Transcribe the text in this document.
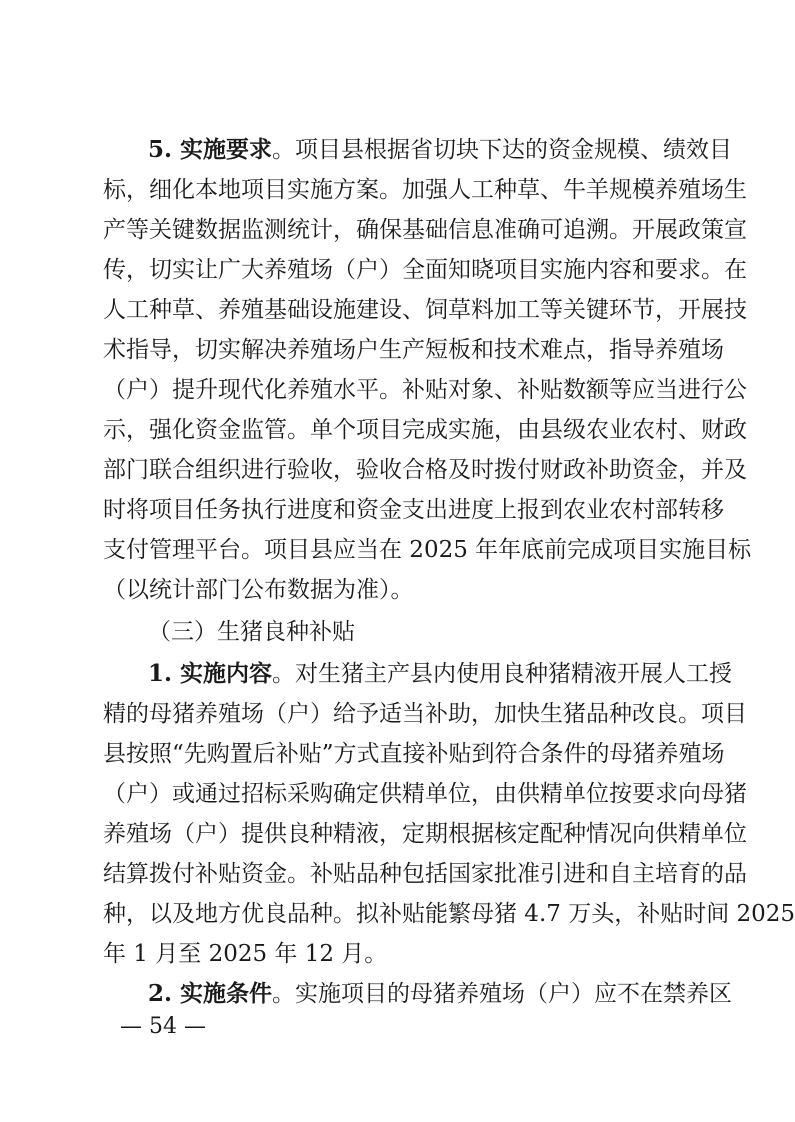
5. 实施要求。项目县根据省切块下达的资金规模、绩效目
标，细化本地项目实施方案。加强人工种草、牛羊规模养殖场生
产等关键数据监测统计，确保基础信息准确可追溯。开展政策宣
传，切实让广大养殖场（户）全面知晓项目实施内容和要求。在
人工种草、养殖基础设施建设、饲草料加工等关键环节，开展技
术指导，切实解决养殖场户生产短板和技术难点，指导养殖场
（户）提升现代化养殖水平。补贴对象、补贴数额等应当进行公
示，强化资金监管。单个项目完成实施，由县级农业农村、财政
部门联合组织进行验收，验收合格及时拨付财政补助资金，并及
时将项目任务执行进度和资金支出进度上报到农业农村部转移
支付管理平台。项目县应当在 2025 年年底前完成项目实施目标
（以统计部门公布数据为准）。
（三）生猪良种补贴
1. 实施内容。对生猪主产县内使用良种猪精液开展人工授
精的母猪养殖场（户）给予适当补助，加快生猪品种改良。项目
县按照“先购置后补贴”方式直接补贴到符合条件的母猪养殖场
（户）或通过招标采购确定供精单位，由供精单位按要求向母猪
养殖场（户）提供良种精液，定期根据核定配种情况向供精单位
结算拨付补贴资金。补贴品种包括国家批准引进和自主培育的品
种，以及地方优良品种。拟补贴能繁母猪 4.7 万头，补贴时间 2025
年 1 月至 2025 年 12 月。
2. 实施条件。实施项目的母猪养殖场（户）应不在禁养区
— 54 —
